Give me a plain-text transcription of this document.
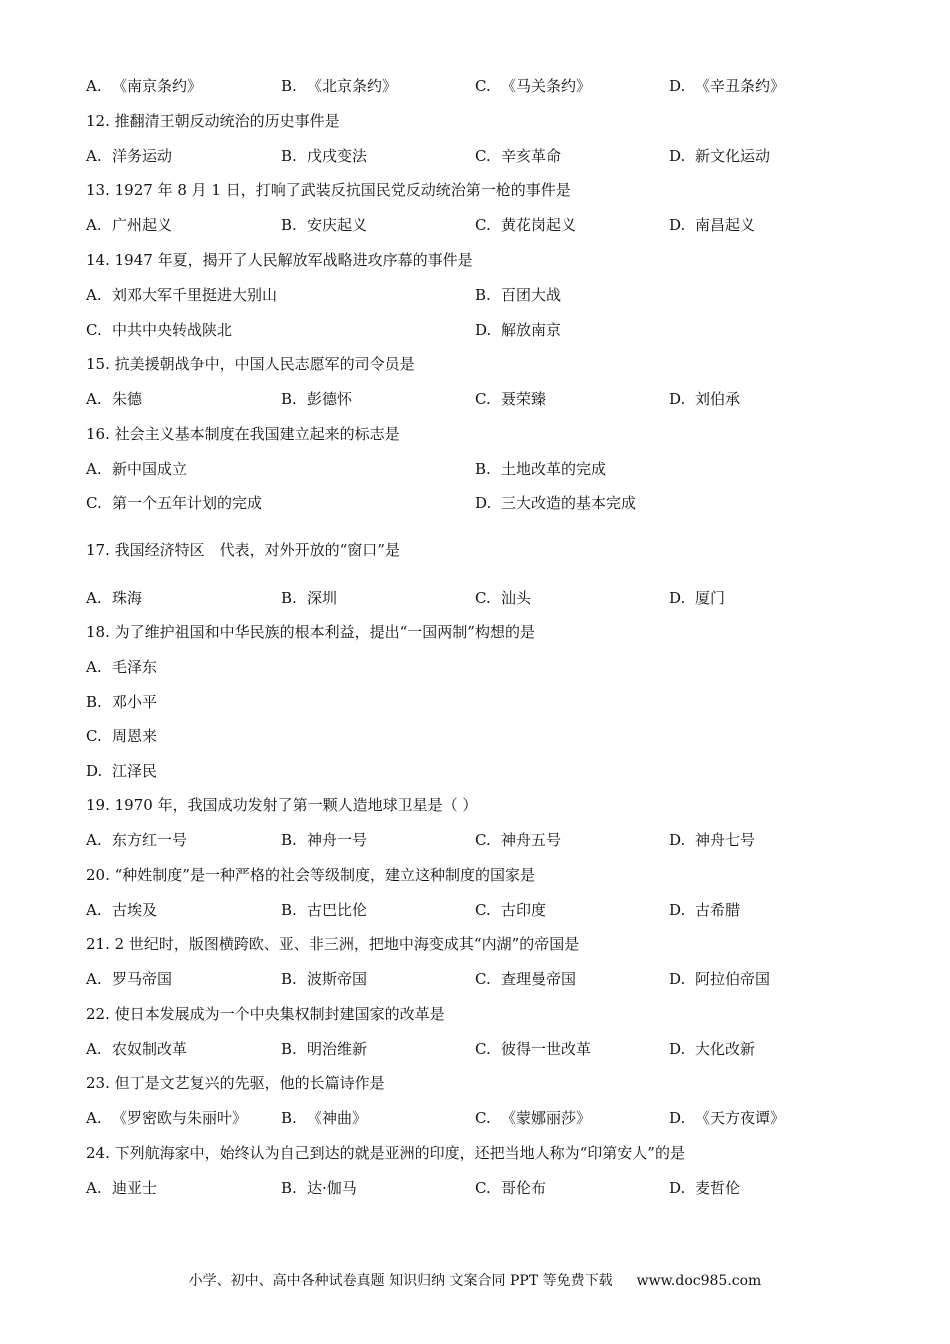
A. 《南京条约》	B. 《北京条约》	C. 《马关条约》	D. 《辛丑条约》
12. 推翻清王朝反动统治的历史事件是
A. 洋务运动	B. 戊戌变法	C. 辛亥革命	D. 新文化运动
13. 1927 年 8 月 1 日，打响了武装反抗国民党反动统治第一枪的事件是
A. 广州起义	B. 安庆起义	C. 黄花岗起义	D. 南昌起义
14. 1947 年夏，揭开了人民解放军战略进攻序幕的事件是
A. 刘邓大军千里挺进大别山	B. 百团大战
C. 中共中央转战陕北	D. 解放南京
15. 抗美援朝战争中，中国人民志愿军的司令员是
A. 朱德	B. 彭德怀	C. 聂荣臻	D. 刘伯承
16. 社会主义基本制度在我国建立起来的标志是
A. 新中国成立	B. 土地改革的完成
C. 第一个五年计划的完成	D. 三大改造的基本完成
17. 我国经济特区　代表，对外开放的“窗口”是
A. 珠海	B. 深圳	C. 汕头	D. 厦门
18. 为了维护祖国和中华民族的根本利益，提出“一国两制”构想的是
A. 毛泽东
B. 邓小平
C. 周恩来
D. 江泽民
19. 1970 年，我国成功发射了第一颗人造地球卫星是（ ）
A. 东方红一号	B. 神舟一号	C. 神舟五号	D. 神舟七号
20. “种姓制度”是一种严格的社会等级制度，建立这种制度的国家是
A. 古埃及	B. 古巴比伦	C. 古印度	D. 古希腊
21. 2 世纪时，版图横跨欧、亚、非三洲，把地中海变成其“内湖”的帝国是
A. 罗马帝国	B. 波斯帝国	C. 查理曼帝国	D. 阿拉伯帝国
22. 使日本发展成为一个中央集权制封建国家的改革是
A. 农奴制改革	B. 明治维新	C. 彼得一世改革	D. 大化改新
23. 但丁是文艺复兴的先驱，他的长篇诗作是
A. 《罗密欧与朱丽叶》 B. 《神曲》	C. 《蒙娜丽莎》	D. 《天方夜谭》
24. 下列航海家中，始终认为自己到达的就是亚洲的印度，还把当地人称为“印第安人”的是
A. 迪亚士	B. 达·伽马	C. 哥伦布	D. 麦哲伦
小学、初中、高中各种试卷真题 知识归纳 文案合同 PPT 等免费下载 www.doc985.com
